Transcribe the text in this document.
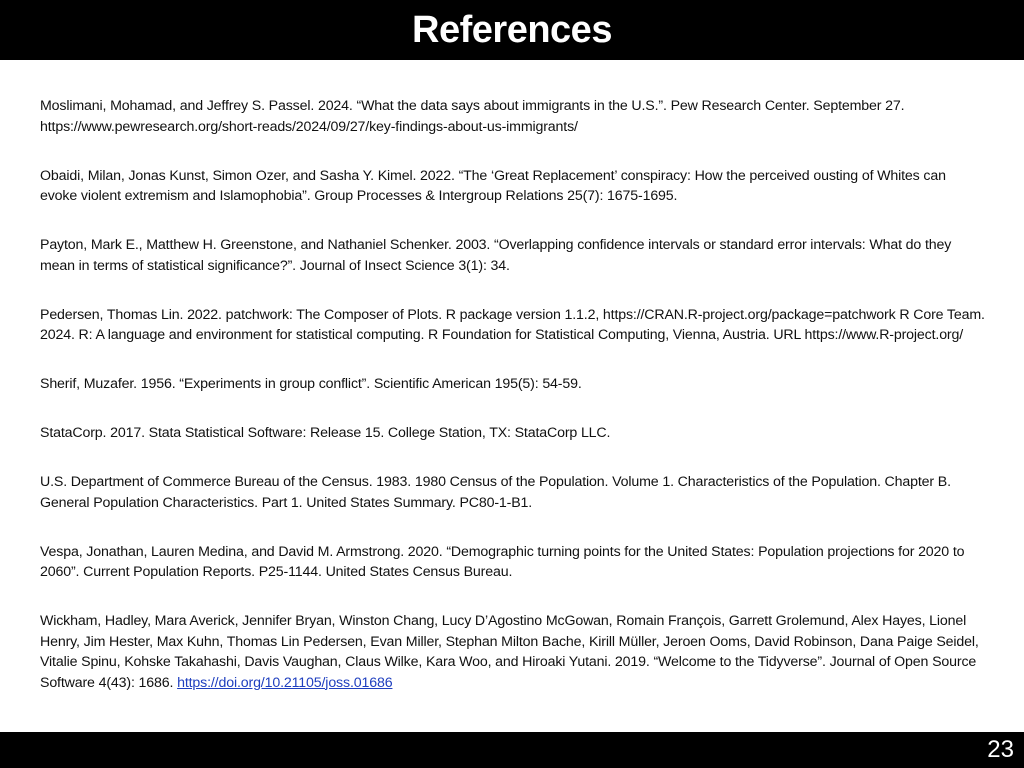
References

Moslimani, Mohamad, and Jeffrey S. Passel. 2024. “What the data says about immigrants in the U.S.”. Pew Research Center. September 27. https://www.pewresearch.org/short-reads/2024/09/27/key-findings-about-us-immigrants/

Obaidi, Milan, Jonas Kunst, Simon Ozer, and Sasha Y. Kimel. 2022. “The ‘Great Replacement’ conspiracy: How the perceived ousting of Whites can evoke violent extremism and Islamophobia”. Group Processes & Intergroup Relations 25(7): 1675-1695.

Payton, Mark E., Matthew H. Greenstone, and Nathaniel Schenker. 2003. “Overlapping confidence intervals or standard error intervals: What do they mean in terms of statistical significance?”. Journal of Insect Science 3(1): 34.

Pedersen, Thomas Lin. 2022. patchwork: The Composer of Plots. R package version 1.1.2, https://CRAN.R-project.org/package=patchwork R Core Team. 2024. R: A language and environment for statistical computing. R Foundation for Statistical Computing, Vienna, Austria. URL https://www.R-project.org/

Sherif, Muzafer. 1956. “Experiments in group conflict”. Scientific American 195(5): 54-59.

StataCorp. 2017. Stata Statistical Software: Release 15. College Station, TX: StataCorp LLC.

U.S. Department of Commerce Bureau of the Census. 1983. 1980 Census of the Population. Volume 1. Characteristics of the Population. Chapter B. General Population Characteristics. Part 1. United States Summary. PC80-1-B1.

Vespa, Jonathan, Lauren Medina, and David M. Armstrong. 2020. “Demographic turning points for the United States: Population projections for 2020 to 2060”. Current Population Reports. P25-1144. United States Census Bureau.

Wickham, Hadley, Mara Averick, Jennifer Bryan, Winston Chang, Lucy D’Agostino McGowan, Romain François, Garrett Grolemund, Alex Hayes, Lionel Henry, Jim Hester, Max Kuhn, Thomas Lin Pedersen, Evan Miller, Stephan Milton Bache, Kirill Müller, Jeroen Ooms, David Robinson, Dana Paige Seidel, Vitalie Spinu, Kohske Takahashi, Davis Vaughan, Claus Wilke, Kara Woo, and Hiroaki Yutani. 2019. “Welcome to the Tidyverse”. Journal of Open Source Software 4(43): 1686. https://doi.org/10.21105/joss.01686

23
